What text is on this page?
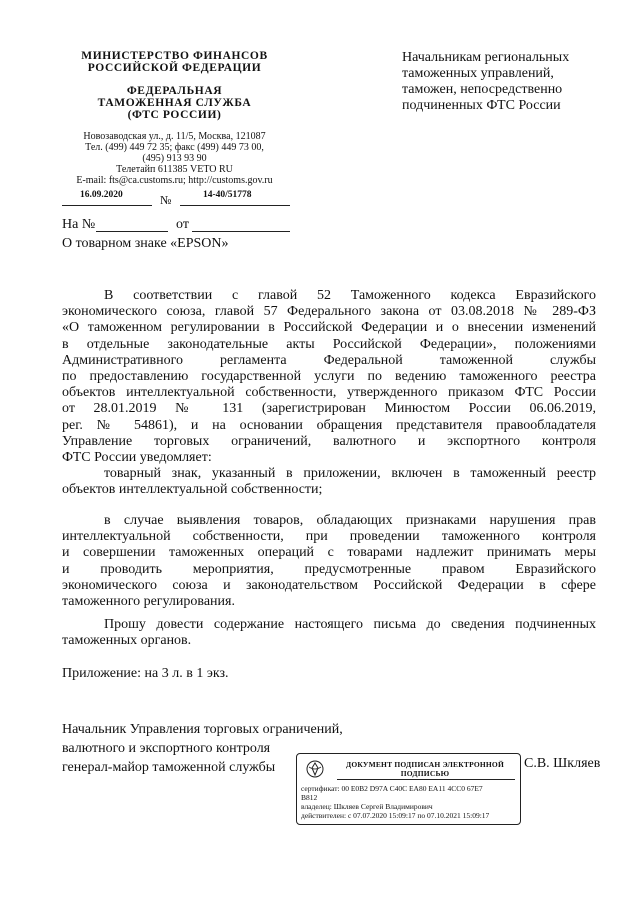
МИНИСТЕРСТВО ФИНАНСОВ
РОССИЙСКОЙ ФЕДЕРАЦИИ
ФЕДЕРАЛЬНАЯ
ТАМОЖЕННАЯ СЛУЖБА
(ФТС РОССИИ)
Новозаводская ул., д. 11/5, Москва, 121087
Тел. (499) 449 72 35; факс (499) 449 73 00,
(495) 913 93 90
Телетайп 611385 VETO RU
E-mail: fts@ca.customs.ru; http://customs.gov.ru
16.09.2020	№	14-40/51778
На №	от
О товарном знаке «EPSON»
Начальникам региональных
таможенных управлений,
таможен, непосредственно
подчиненных ФТС России
В соответствии с главой 52 Таможенного кодекса Евразийского
экономического союза, главой 57 Федерального закона от 03.08.2018 № 289-ФЗ
«О таможенном регулировании в Российской Федерации и о внесении изменений
в отдельные законодательные акты Российской Федерации», положениями
Административного регламента Федеральной таможенной службы
по предоставлению государственной услуги по ведению таможенного реестра
объектов интеллектуальной собственности, утвержденного приказом ФТС России
от 28.01.2019 № 131 (зарегистрирован Минюстом России 06.06.2019,
рег. № 54861), и на основании обращения представителя правообладателя
Управление торговых ограничений, валютного и экспортного контроля
ФТС России уведомляет:
товарный знак, указанный в приложении, включен в таможенный реестр
объектов интеллектуальной собственности;
в случае выявления товаров, обладающих признаками нарушения прав
интеллектуальной собственности, при проведении таможенного контроля
и совершении таможенных операций с товарами надлежит принимать меры
и проводить мероприятия, предусмотренные правом Евразийского
экономического союза и законодательством Российской Федерации в сфере
таможенного регулирования.
Прошу довести содержание настоящего письма до сведения подчиненных
таможенных органов.
Приложение: на 3 л. в 1 экз.
Начальник Управления торговых ограничений,
валютного и экспортного контроля
генерал-майор таможенной службы	ДОКУМЕНТ ПОДПИСАН ЭЛЕКТРОННОЙ
ПОДПИСЬЮ
сертификат: 00 E0B2 D97A C40C EA80 EA11 4CC0 67E7
B812
владелец: Шкляев Сергей Владимирович
действителен: с 07.07.2020 15:09:17 по 07.10.2021 15:09:17
С.В. Шкляев
